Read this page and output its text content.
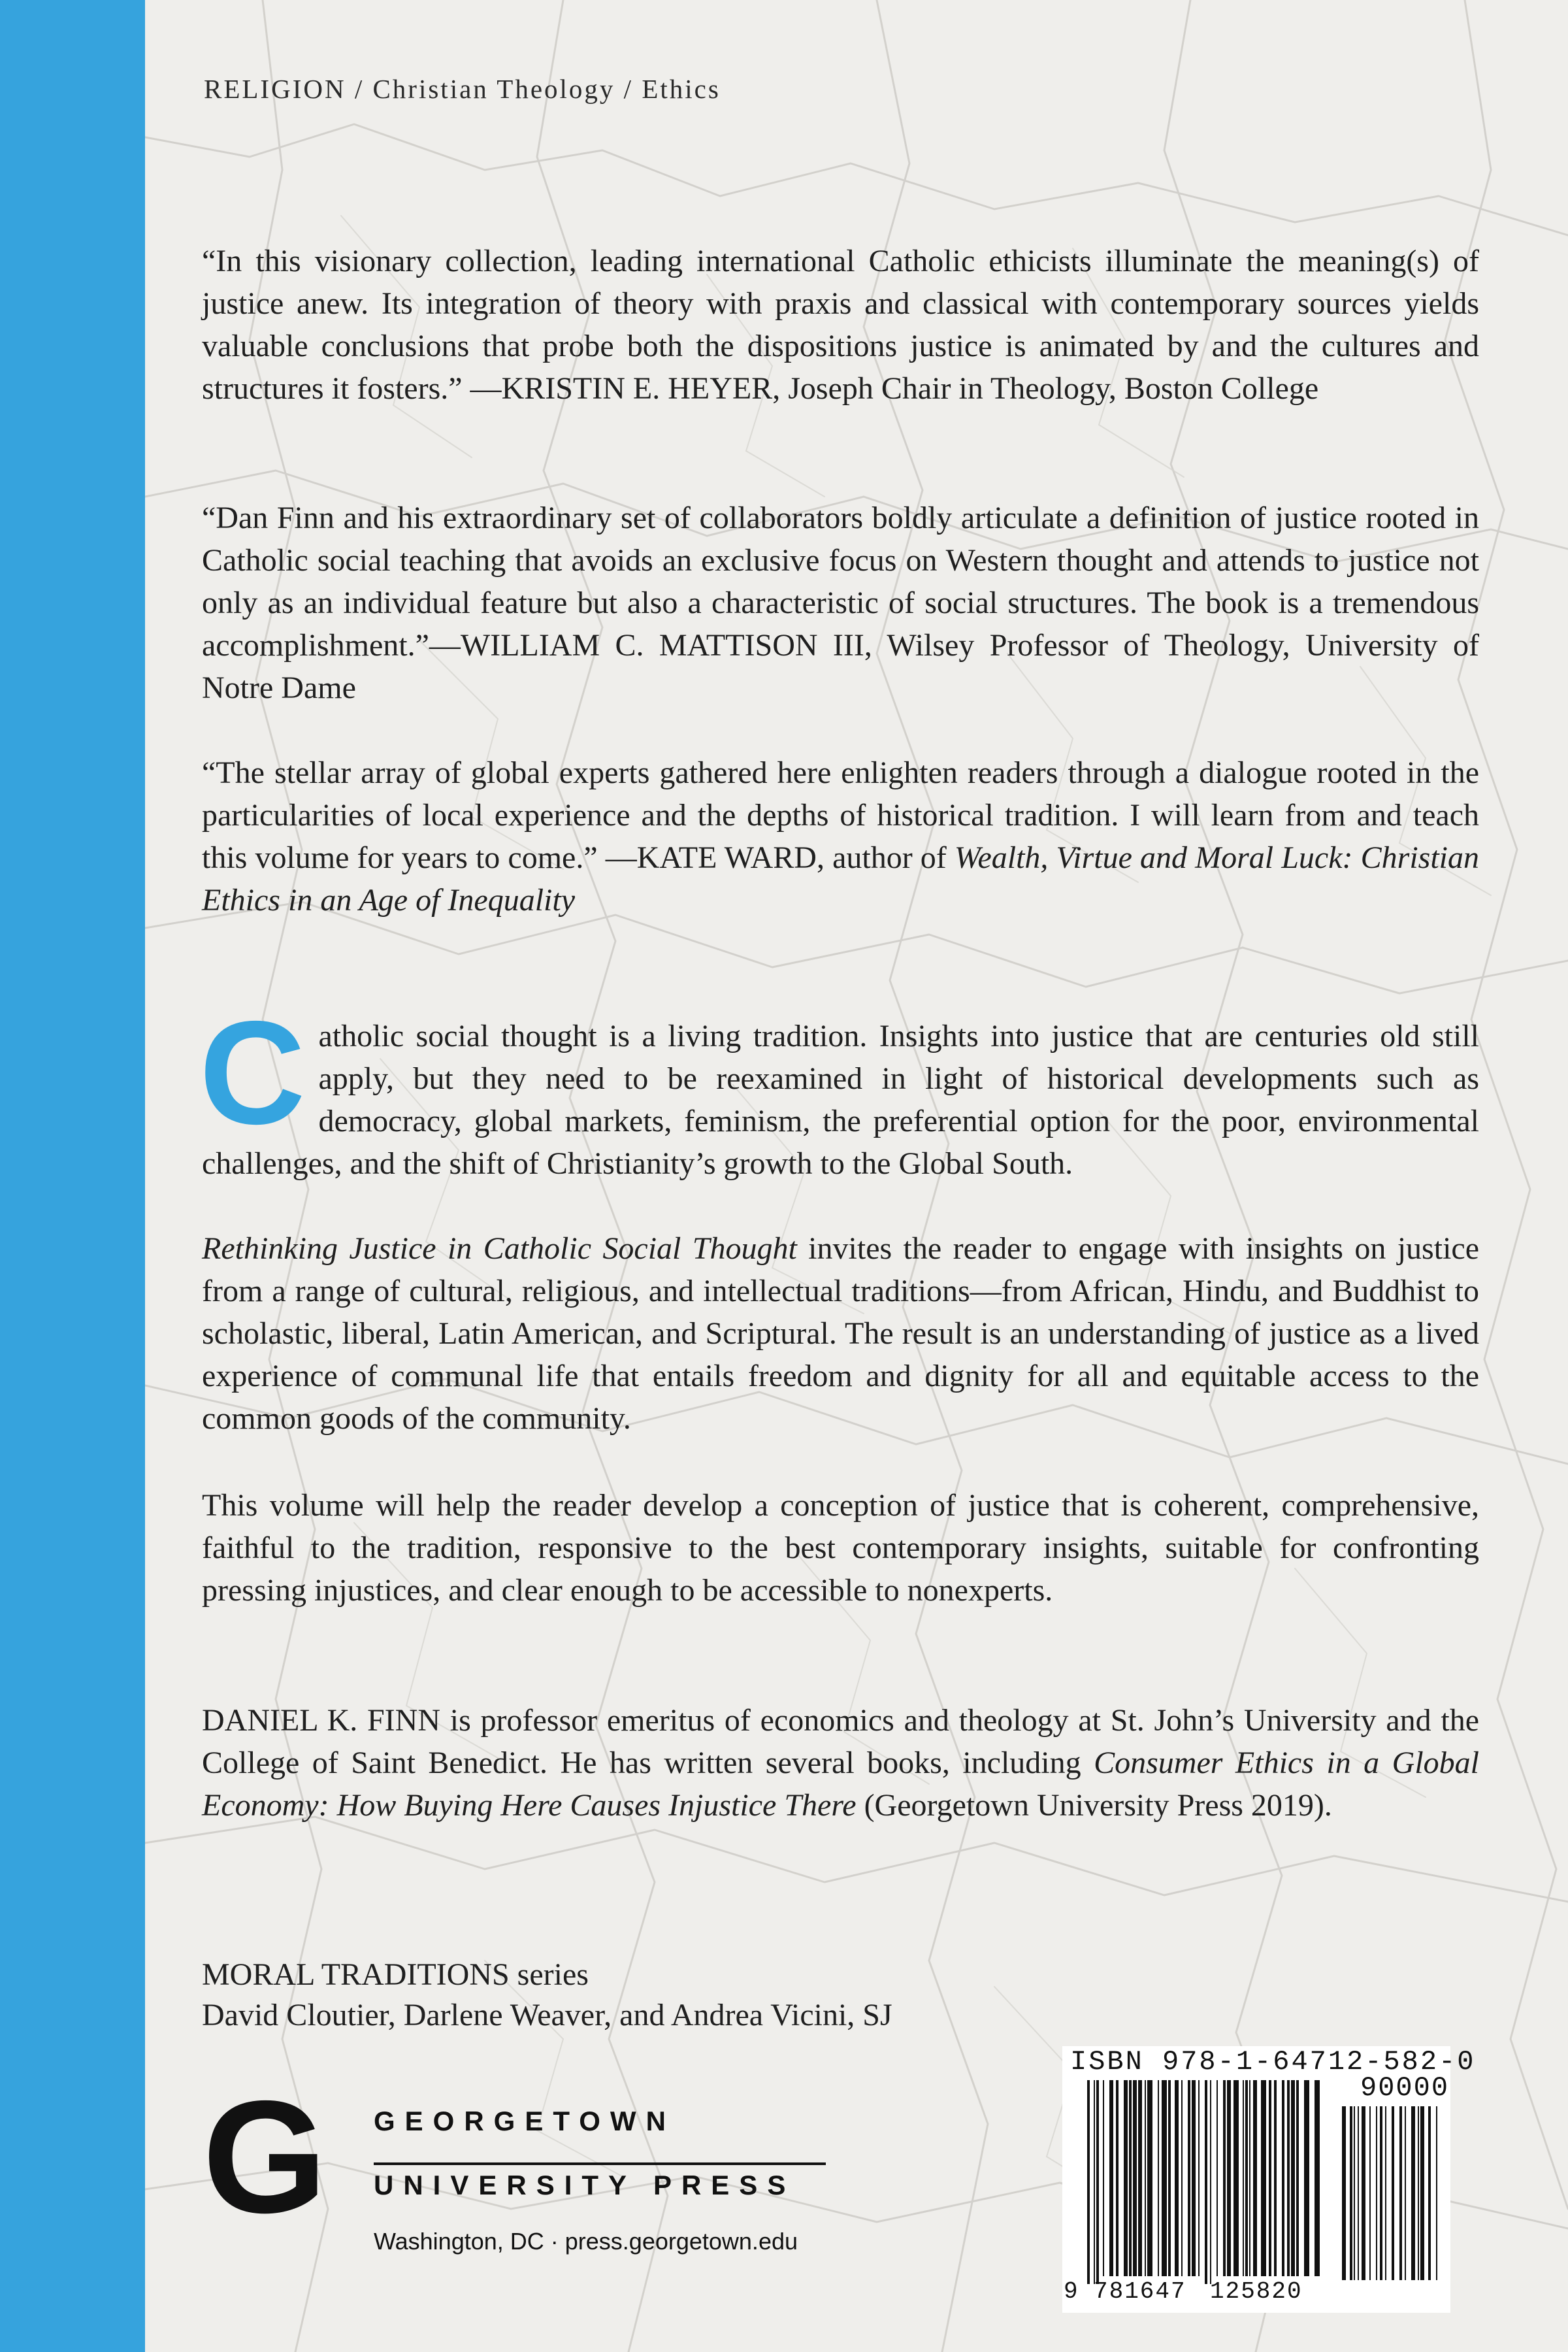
RELIGION / Christian Theology / Ethics

“In this visionary collection, leading international Catholic ethicists illuminate the meaning(s) of justice anew. Its integration of theory with praxis and classical with contemporary sources yields valuable conclusions that probe both the dispositions justice is animated by and the cultures and structures it fosters.” —KRISTIN E. HEYER, Joseph Chair in Theology, Boston College

“Dan Finn and his extraordinary set of collaborators boldly articulate a definition of justice rooted in Catholic social teaching that avoids an exclusive focus on Western thought and attends to justice not only as an individual feature but also a characteristic of social structures. The book is a tremendous accomplishment.”—WILLIAM C. MATTISON III, Wilsey Professor of Theology, University of Notre Dame

“The stellar array of global experts gathered here enlighten readers through a dialogue rooted in the particularities of local experience and the depths of historical tradition. I will learn from and teach this volume for years to come.” —KATE WARD, author of Wealth, Virtue and Moral Luck: Christian Ethics in an Age of Inequality

Catholic social thought is a living tradition. Insights into justice that are centuries old still apply, but they need to be reexamined in light of historical developments such as democracy, global markets, feminism, the preferential option for the poor, environmental challenges, and the shift of Christianity’s growth to the Global South.

Rethinking Justice in Catholic Social Thought invites the reader to engage with insights on justice from a range of cultural, religious, and intellectual traditions—from African, Hindu, and Buddhist to scholastic, liberal, Latin American, and Scriptural. The result is an understanding of justice as a lived experience of communal life that entails freedom and dignity for all and equitable access to the common goods of the community.

This volume will help the reader develop a conception of justice that is coherent, comprehensive, faithful to the tradition, responsive to the best contemporary insights, suitable for confronting pressing injustices, and clear enough to be accessible to nonexperts.

DANIEL K. FINN is professor emeritus of economics and theology at St. John’s University and the College of Saint Benedict. He has written several books, including Consumer Ethics in a Global Economy: How Buying Here Causes Injustice There (Georgetown University Press 2019).

MORAL TRADITIONS series
David Cloutier, Darlene Weaver, and Andrea Vicini, SJ
G GEORGETOWN
UNIVERSITY PRESS
Washington, DC · press.georgetown.edu
ISBN 978-1-64712-582-0
90000
9 781647 125820
